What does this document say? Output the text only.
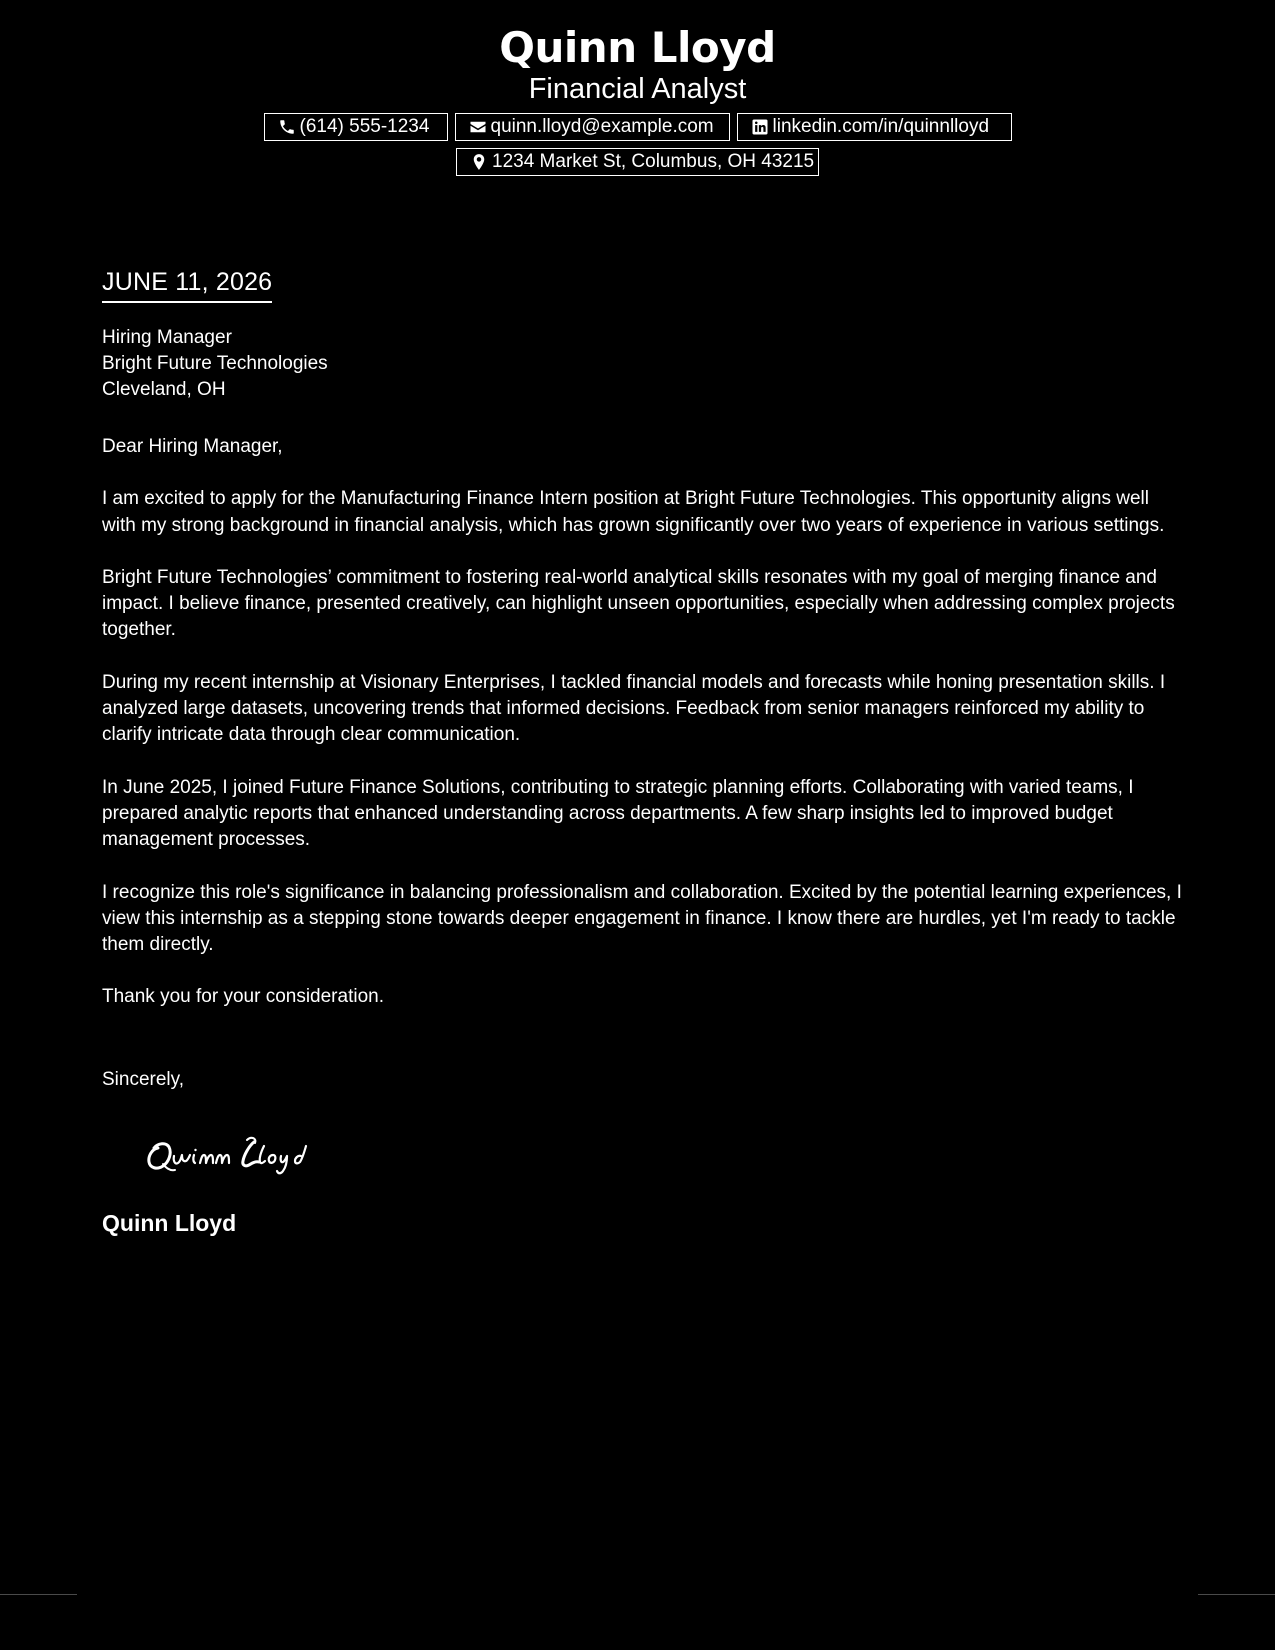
Quinn Lloyd
Financial Analyst
(614) 555-1234	quinn.lloyd@example.com	linkedin.com/in/quinnlloyd
1234 Market St, Columbus, OH 43215
JUNE 11, 2026
Hiring Manager
Bright Future Technologies
Cleveland, OH

Dear Hiring Manager,

I am excited to apply for the Manufacturing Finance Intern position at Bright Future Technologies. This opportunity aligns well with my strong background in financial analysis, which has grown significantly over two years of experience in various settings.

Bright Future Technologies’ commitment to fostering real-world analytical skills resonates with my goal of merging finance and impact. I believe finance, presented creatively, can highlight unseen opportunities, especially when addressing complex projects together.

During my recent internship at Visionary Enterprises, I tackled financial models and forecasts while honing presentation skills. I analyzed large datasets, uncovering trends that informed decisions. Feedback from senior managers reinforced my ability to clarify intricate data through clear communication.

In June 2025, I joined Future Finance Solutions, contributing to strategic planning efforts. Collaborating with varied teams, I prepared analytic reports that enhanced understanding across departments. A few sharp insights led to improved budget management processes.

I recognize this role's significance in balancing professionalism and collaboration. Excited by the potential learning experiences, I view this internship as a stepping stone towards deeper engagement in finance. I know there are hurdles, yet I'm ready to tackle them directly.

Thank you for your consideration.

Sincerely,
Quinn Lloyd
